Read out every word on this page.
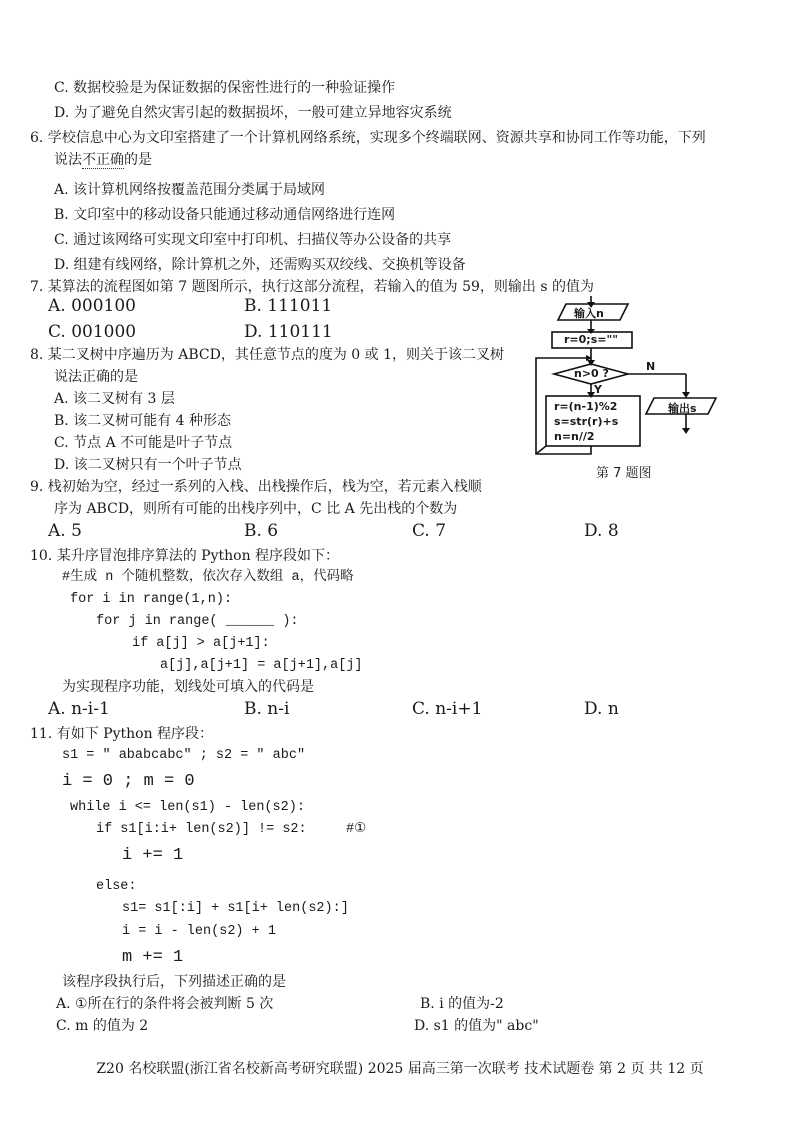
C. 数据校验是为保证数据的保密性进行的一种验证操作
D. 为了避免自然灾害引起的数据损坏，一般可建立异地容灾系统
6. 学校信息中心为文印室搭建了一个计算机网络系统，实现多个终端联网、资源共享和协同工作等功能，下列
说法不正确的是
A. 该计算机网络按覆盖范围分类属于局域网
B. 文印室中的移动设备只能通过移动通信网络进行连网
C. 通过该网络可实现文印室中打印机、扫描仪等办公设备的共享
D. 组建有线网络，除计算机之外，还需购买双绞线、交换机等设备
7. 某算法的流程图如第 7 题图所示，执行这部分流程，若输入的值为 59，则输出 s 的值为
A. 000100	B. 111011
C. 001000	D. 110111
输入n
r=0;s=""
n>0 ?
N
Y
r=(n-1)%2
s=str(r)+s
n=n//2
输出s
第 7 题图
8. 某二叉树中序遍历为 ABCD，其任意节点的度为 0 或 1，则关于该二叉树
说法正确的是
A. 该二叉树有 3 层
B. 该二叉树可能有 4 种形态
C. 节点 A 不可能是叶子节点
D. 该二叉树只有一个叶子节点
9. 栈初始为空，经过一系列的入栈、出栈操作后，栈为空，若元素入栈顺
序为 ABCD，则所有可能的出栈序列中，C 比 A 先出栈的个数为
A. 5	B. 6	C. 7	D. 8
10. 某升序冒泡排序算法的 Python 程序段如下：
#生成 n 个随机整数，依次存入数组 a，代码略
for i in range(1,n):
for j in range( ______ ):
if a[j] > a[j+1]:
a[j],a[j+1] = a[j+1],a[j]
为实现程序功能，划线处可填入的代码是
A. n-i-1	B. n-i	C. n-i+1	D. n
11. 有如下 Python 程序段：
s1 = " ababcabc" ; s2 = " abc"
i = 0 ; m = 0
while i <= len(s1) - len(s2):
if s1[i:i+ len(s2)] != s2:	#①
i += 1
else:
s1= s1[:i] + s1[i+ len(s2):]
i = i - len(s2) + 1
m += 1
该程序段执行后，下列描述正确的是
A. ①所在行的条件将会被判断 5 次	B. i 的值为-2
C. m 的值为 2	D. s1 的值为" abc"
Z20 名校联盟(浙江省名校新高考研究联盟) 2025 届高三第一次联考 技术试题卷 第 2 页 共 12 页
